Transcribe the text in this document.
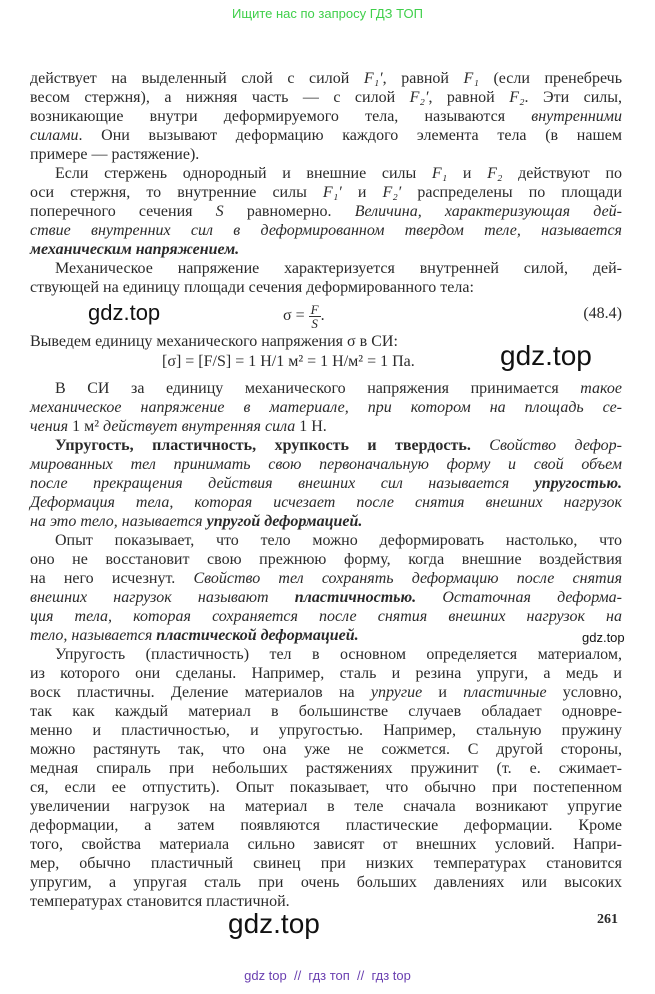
Ищите нас по запросу ГДЗ ТОП
действует на выделенный слой с силой F₁′, равной F₁ (если пренебречь
весом стержня), а нижняя часть — с силой F₂′, равной F₂. Эти силы,
возникающие внутри деформируемого тела, называются внутренними
силами. Они вызывают деформацию каждого элемента тела (в нашем
примере — растяжение).
Если стержень однородный и внешние силы F₁ и F₂ действуют по
оси стержня, то внутренние силы F₁′ и F₂′ распределены по площади
поперечного сечения S равномерно. Величина, характеризующая дей-
ствие внутренних сил в деформированном твердом теле, называется
механическим напряжением.
Механическое напряжение характеризуется внутренней силой, дей-
ствующей на единицу площади сечения деформированного тела:
$\sigma = \frac{F}{S}$.	(48.4)
Выведем единицу механического напряжения σ в СИ:
[σ] = [F/S] = 1 Н/1 м² = 1 Н/м² = 1 Па.
В СИ за единицу механического напряжения принимается такое
механическое напряжение в материале, при котором на площадь се-
чения 1 м² действует внутренняя сила 1 Н.
Упругость, пластичность, хрупкость и твердость. Свойство дефор-
мированных тел принимать свою первоначальную форму и свой объем
после прекращения действия внешних сил называется упругостью.
Деформация тела, которая исчезает после снятия внешних нагрузок
на это тело, называется упругой деформацией.
Опыт показывает, что тело можно деформировать настолько, что
оно не восстановит свою прежнюю форму, когда внешние воздействия
на него исчезнут. Свойство тел сохранять деформацию после снятия
внешних нагрузок называют пластичностью. Остаточная деформа-
ция тела, которая сохраняется после снятия внешних нагрузок на
тело, называется пластической деформацией.
Упругость (пластичность) тел в основном определяется материалом,
из которого они сделаны. Например, сталь и резина упруги, а медь и
воск пластичны. Деление материалов на упругие и пластичные условно,
так как каждый материал в большинстве случаев обладает одновре-
менно и пластичностью, и упругостью. Например, стальную пружину
можно растянуть так, что она уже не сожмется. С другой стороны,
медная спираль при небольших растяжениях пружинит (т. е. сжимает-
ся, если ее отпустить). Опыт показывает, что обычно при постепенном
увеличении нагрузок на материал в теле сначала возникают упругие
деформации, а затем появляются пластические деформации. Кроме
того, свойства материала сильно зависят от внешних условий. Напри-
мер, обычно пластичный свинец при низких температурах становится
упругим, а упругая сталь при очень больших давлениях или высоких
температурах становится пластичной.
gdz.top
gdz.top
gdz.top
gdz.top	261
gdz top  //  гдз топ  //  гдз top
